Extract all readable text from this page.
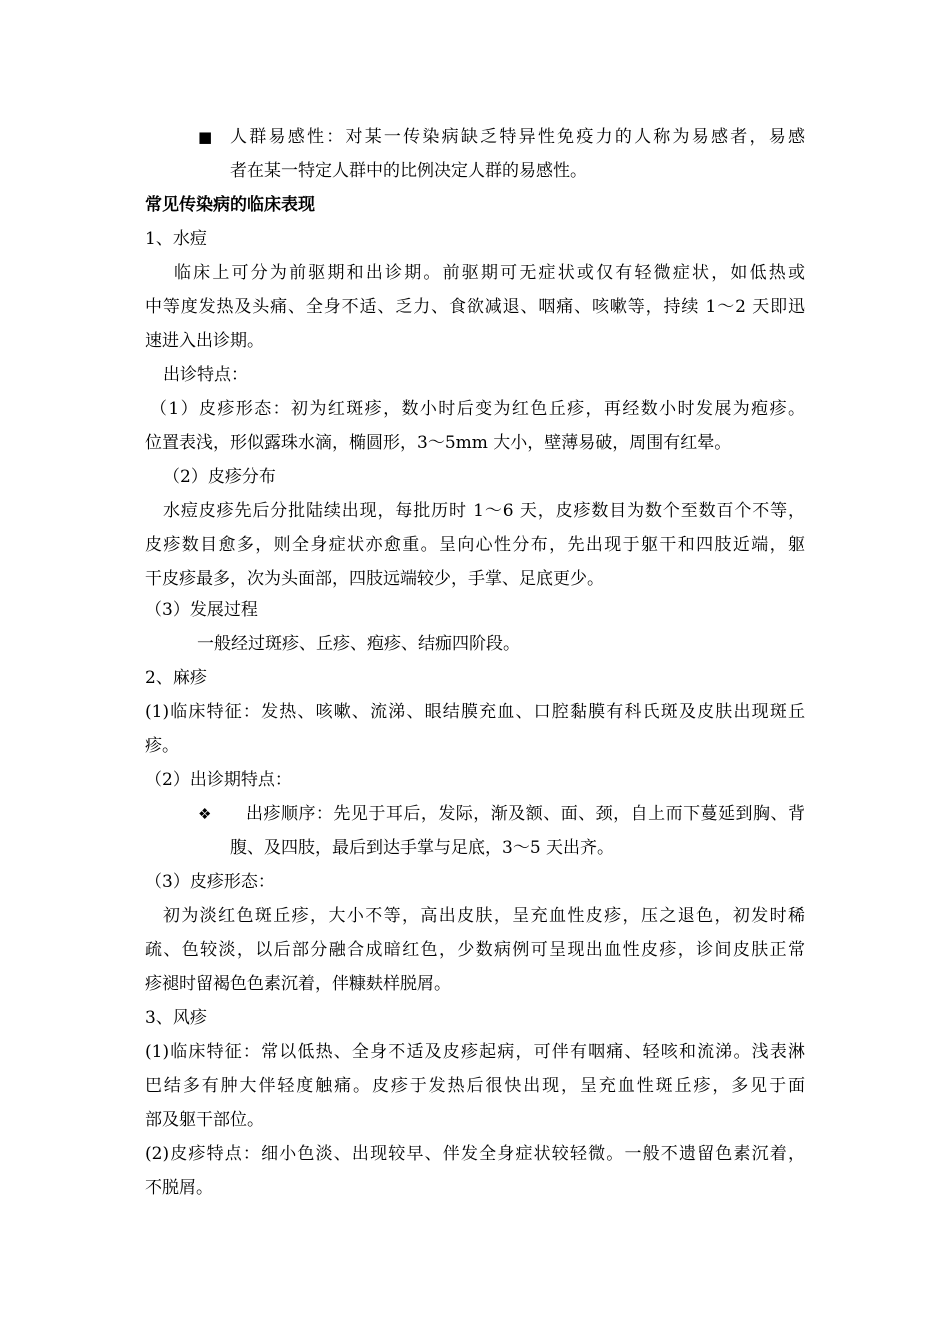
■ 人群易感性：对某一传染病缺乏特异性免疫力的人称为易感者，易感
者在某一特定人群中的比例决定人群的易感性。
常见传染病的临床表现
1、水痘
临床上可分为前驱期和出诊期。前驱期可无症状或仅有轻微症状，如低热或
中等度发热及头痛、全身不适、乏力、食欲减退、咽痛、咳嗽等，持续 1～2 天即迅
速进入出诊期。
出诊特点：
（1）皮疹形态：初为红斑疹，数小时后变为红色丘疹，再经数小时发展为疱疹。
位置表浅，形似露珠水滴，椭圆形，3～5mm 大小，壁薄易破，周围有红晕。
（2）皮疹分布
水痘皮疹先后分批陆续出现，每批历时 1～6 天，皮疹数目为数个至数百个不等，
皮疹数目愈多，则全身症状亦愈重。呈向心性分布，先出现于躯干和四肢近端，躯
干皮疹最多，次为头面部，四肢远端较少，手掌、足底更少。
（3）发展过程
一般经过斑疹、丘疹、疱疹、结痂四阶段。
2、麻疹
(1)临床特征：发热、咳嗽、流涕、眼结膜充血、口腔黏膜有科氏斑及皮肤出现斑丘
疹。
（2）出诊期特点：
❖ 出疹顺序：先见于耳后，发际，渐及额、面、颈，自上而下蔓延到胸、背
腹、及四肢，最后到达手掌与足底，3～5 天出齐。
（3）皮疹形态：
初为淡红色斑丘疹，大小不等，高出皮肤，呈充血性皮疹，压之退色，初发时稀
疏、色较淡，以后部分融合成暗红色，少数病例可呈现出血性皮疹，诊间皮肤正常
疹褪时留褐色色素沉着，伴糠麸样脱屑。
3、风疹
(1)临床特征：常以低热、全身不适及皮疹起病，可伴有咽痛、轻咳和流涕。浅表淋
巴结多有肿大伴轻度触痛。皮疹于发热后很快出现，呈充血性斑丘疹，多见于面
部及躯干部位。
(2)皮疹特点：细小色淡、出现较早、伴发全身症状较轻微。一般不遗留色素沉着，
不脱屑。
